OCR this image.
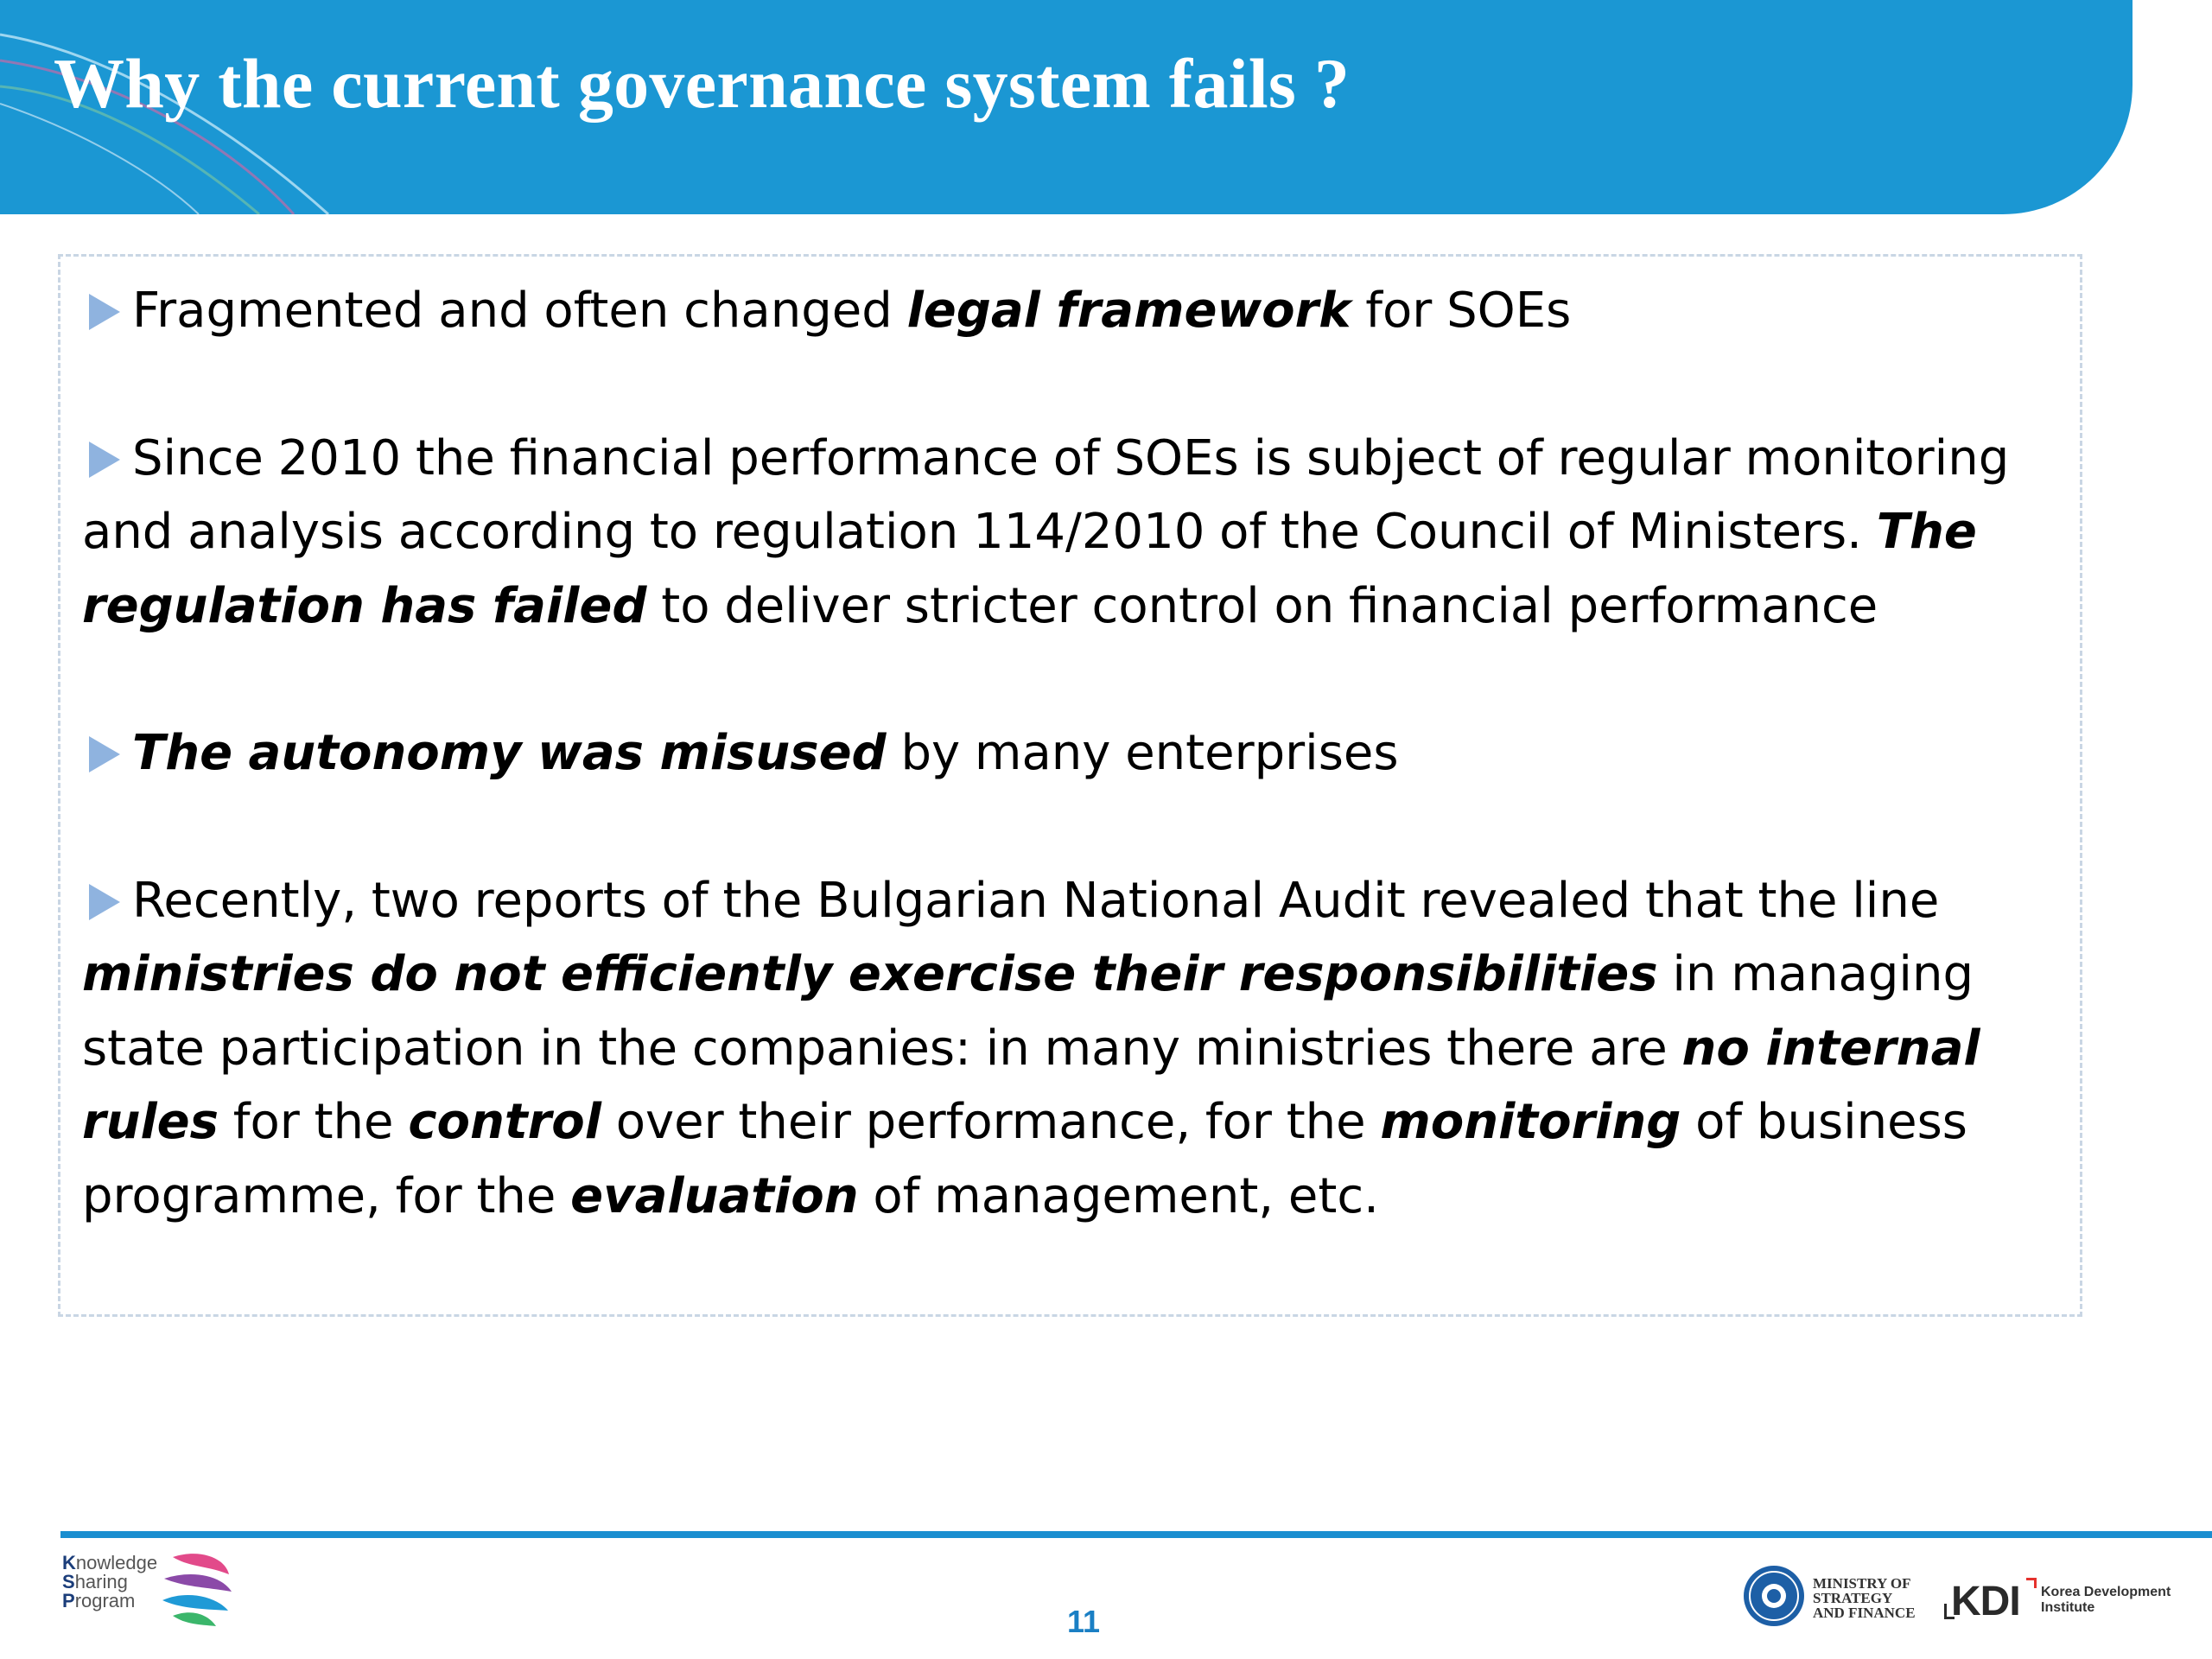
Why the current governance system fails ?
Fragmented and often changed legal framework for SOEs
Since 2010 the financial performance of SOEs is subject of regular monitoring and analysis according to regulation 114/2010 of the Council of Ministers. The regulation has failed to deliver stricter control on financial performance
The autonomy was misused by many enterprises
Recently, two reports of the Bulgarian National Audit revealed that the line ministries do not efficiently exercise their responsibilities in managing state participation in the companies: in many ministries there are no internal rules for the control over their performance, for the monitoring of business programme, for the evaluation of management, etc.
Knowledge
Sharing
Program
11
MINISTRY OF
STRATEGY
AND FINANCE KDI Korea Development Institute
